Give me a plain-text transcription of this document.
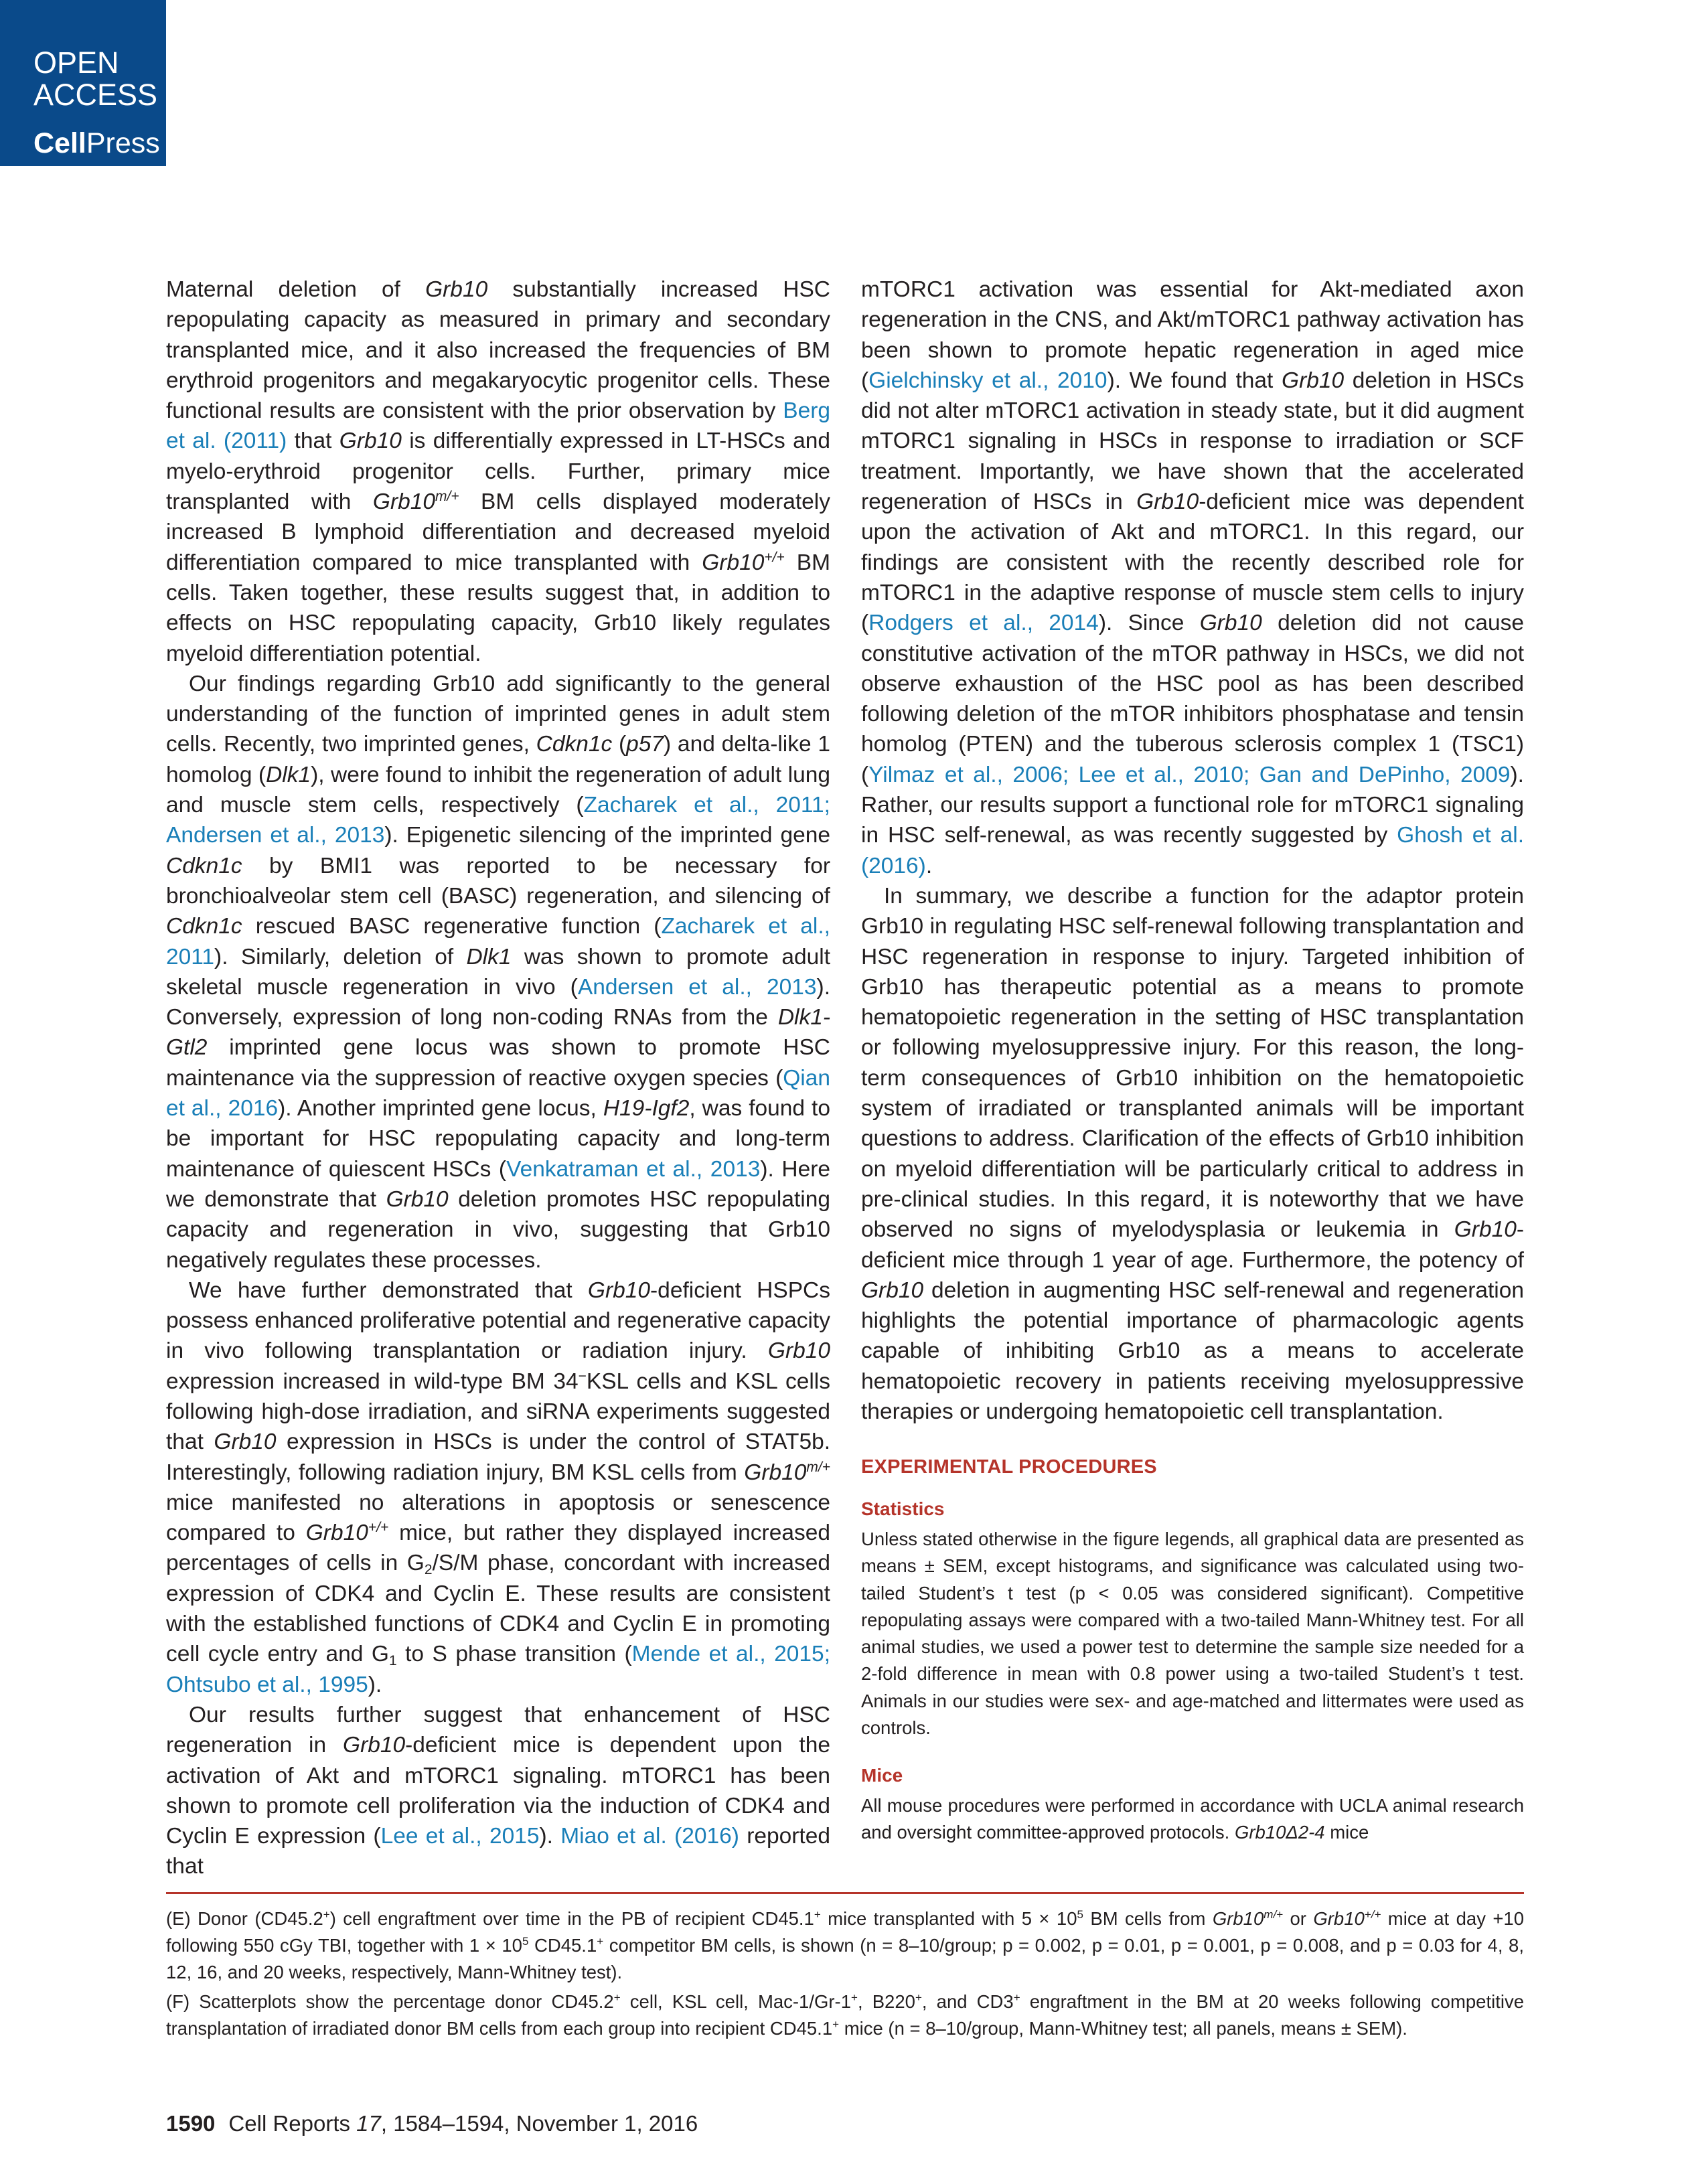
OPEN
ACCESS
CellPress

Maternal deletion of Grb10 substantially increased HSC repopulating capacity as measured in primary and secondary transplanted mice, and it also increased the frequencies of BM erythroid progenitors and megakaryocytic progenitor cells. These functional results are consistent with the prior observation by Berg et al. (2011) that Grb10 is differentially expressed in LT-HSCs and myelo-erythroid progenitor cells. Further, primary mice transplanted with $Grb10^{m/+}$ BM cells displayed moderately increased B lymphoid differentiation and decreased myeloid differentiation compared to mice transplanted with Grb10+/+ BM cells. Taken together, these results suggest that, in addition to effects on HSC repopulating capacity, Grb10 likely regulates myeloid differentiation potential.

Our findings regarding Grb10 add significantly to the general understanding of the function of imprinted genes in adult stem cells. Recently, two imprinted genes, Cdkn1c (p57) and delta-like 1 homolog (Dlk1), were found to inhibit the regeneration of adult lung and muscle stem cells, respectively (Zacharek et al., 2011; Andersen et al., 2013). Epigenetic silencing of the imprinted gene Cdkn1c by BMI1 was reported to be necessary for bronchioalveolar stem cell (BASC) regeneration, and silencing of Cdkn1c rescued BASC regenerative function (Zacharek et al., 2011). Similarly, deletion of Dlk1 was shown to promote adult skeletal muscle regeneration in vivo (Andersen et al., 2013). Conversely, expression of long non-coding RNAs from the Dlk1-Gtl2 imprinted gene locus was shown to promote HSC maintenance via the suppression of reactive oxygen species (Qian et al., 2016). Another imprinted gene locus, H19-Igf2, was found to be important for HSC repopulating capacity and long-term maintenance of quiescent HSCs (Venkatraman et al., 2013). Here we demonstrate that Grb10 deletion promotes HSC repopulating capacity and regeneration in vivo, suggesting that Grb10 negatively regulates these processes.

We have further demonstrated that Grb10-deficient HSPCs possess enhanced proliferative potential and regenerative capacity in vivo following transplantation or radiation injury. Grb10 expression increased in wild-type BM 34−KSL cells and KSL cells following high-dose irradiation, and siRNA experiments suggested that Grb10 expression in HSCs is under the control of STAT5b. Interestingly, following radiation injury, BM KSL cells from $Grb10^{m/+}$ mice manifested no alterations in apoptosis or senescence compared to Grb10+/+ mice, but rather they displayed increased percentages of cells in $G_2/S/M$ phase, concordant with increased expression of CDK4 and Cyclin E. These results are consistent with the established functions of CDK4 and Cyclin E in promoting cell cycle entry and $G_1$ to S phase transition (Mende et al., 2015; Ohtsubo et al., 1995).

Our results further suggest that enhancement of HSC regeneration in Grb10-deficient mice is dependent upon the activation of Akt and mTORC1 signaling. mTORC1 has been shown to promote cell proliferation via the induction of CDK4 and Cyclin E expression (Lee et al., 2015). Miao et al. (2016) reported that

mTORC1 activation was essential for Akt-mediated axon regeneration in the CNS, and Akt/mTORC1 pathway activation has been shown to promote hepatic regeneration in aged mice (Gielchinsky et al., 2010). We found that Grb10 deletion in HSCs did not alter mTORC1 activation in steady state, but it did augment mTORC1 signaling in HSCs in response to irradiation or SCF treatment. Importantly, we have shown that the accelerated regeneration of HSCs in Grb10-deficient mice was dependent upon the activation of Akt and mTORC1. In this regard, our findings are consistent with the recently described role for mTORC1 in the adaptive response of muscle stem cells to injury (Rodgers et al., 2014). Since Grb10 deletion did not cause constitutive activation of the mTOR pathway in HSCs, we did not observe exhaustion of the HSC pool as has been described following deletion of the mTOR inhibitors phosphatase and tensin homolog (PTEN) and the tuberous sclerosis complex 1 (TSC1) (Yilmaz et al., 2006; Lee et al., 2010; Gan and DePinho, 2009). Rather, our results support a functional role for mTORC1 signaling in HSC self-renewal, as was recently suggested by Ghosh et al. (2016).

In summary, we describe a function for the adaptor protein Grb10 in regulating HSC self-renewal following transplantation and HSC regeneration in response to injury. Targeted inhibition of Grb10 has therapeutic potential as a means to promote hematopoietic regeneration in the setting of HSC transplantation or following myelosuppressive injury. For this reason, the long-term consequences of Grb10 inhibition on the hematopoietic system of irradiated or transplanted animals will be important questions to address. Clarification of the effects of Grb10 inhibition on myeloid differentiation will be particularly critical to address in pre-clinical studies. In this regard, it is noteworthy that we have observed no signs of myelodysplasia or leukemia in Grb10-deficient mice through 1 year of age. Furthermore, the potency of Grb10 deletion in augmenting HSC self-renewal and regeneration highlights the potential importance of pharmacologic agents capable of inhibiting Grb10 as a means to accelerate hematopoietic recovery in patients receiving myelosuppressive therapies or undergoing hematopoietic cell transplantation.

EXPERIMENTAL PROCEDURES
Statistics

Unless stated otherwise in the figure legends, all graphical data are presented as means ± SEM, except histograms, and significance was calculated using two-tailed Student’s t test (p < 0.05 was considered significant). Competitive repopulating assays were compared with a two-tailed Mann-Whitney test. For all animal studies, we used a power test to determine the sample size needed for a 2-fold difference in mean with 0.8 power using a two-tailed Student’s t test. Animals in our studies were sex- and age-matched and littermates were used as controls.

Mice

All mouse procedures were performed in accordance with UCLA animal research and oversight committee-approved protocols. Grb10Δ2-4 mice

(E) Donor (CD45.2+) cell engraftment over time in the PB of recipient CD45.1+ mice transplanted with $5 \times 10^5$ BM cells from $Grb10^{m/+}$ or Grb10+/+ mice at day +10 following 550 cGy TBI, together with $1 \times 10^5$ CD45.1+ competitor BM cells, is shown (n = 8–10/group; p = 0.002, p = 0.01, p = 0.001, p = 0.008, and p = 0.03 for 4, 8, 12, 16, and 20 weeks, respectively, Mann-Whitney test).

(F) Scatterplots show the percentage donor CD45.2+ cell, KSL cell, Mac-1/Gr-1+, B220+, and CD3+ engraftment in the BM at 20 weeks following competitive transplantation of irradiated donor BM cells from each group into recipient CD45.1+ mice (n = 8–10/group, Mann-Whitney test; all panels, means ± SEM).

1590 Cell Reports 17, 1584–1594, November 1, 2016
